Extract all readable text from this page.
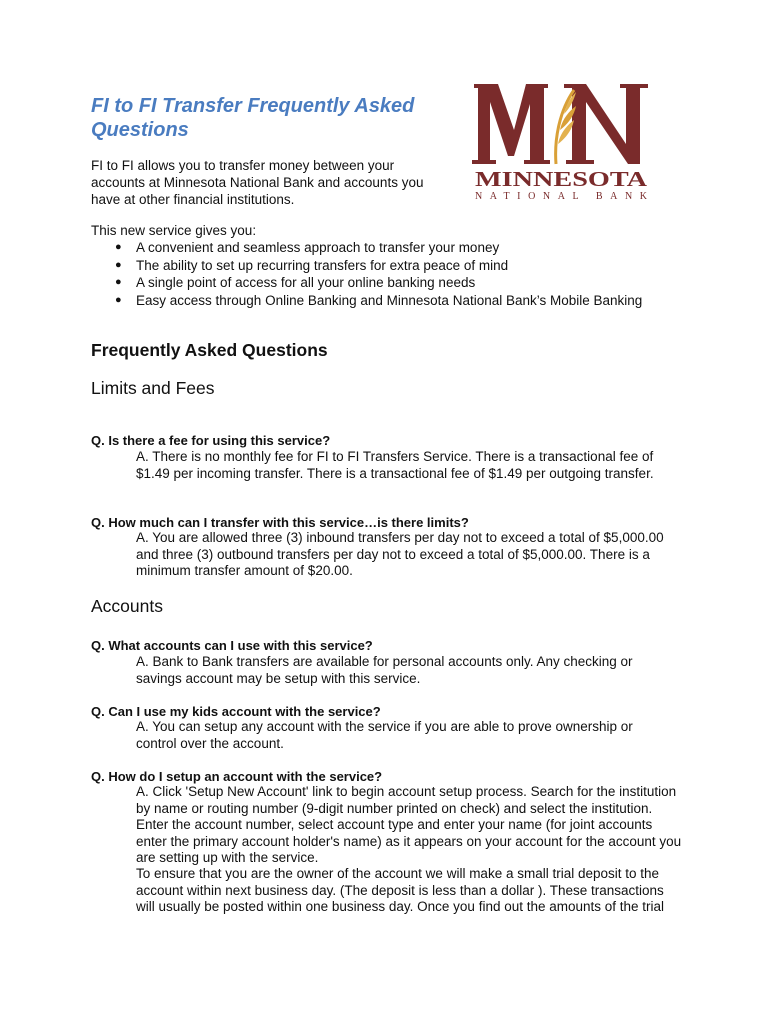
FI to FI Transfer Frequently Asked Questions
MINNESOTA
NATIONAL BANK

FI to FI allows you to transfer money between your accounts at Minnesota National Bank and accounts you have at other financial institutions.

This new service gives you:

● A convenient and seamless approach to transfer your money
● The ability to set up recurring transfers for extra peace of mind
● A single point of access for all your online banking needs
● Easy access through Online Banking and Minnesota National Bank’s Mobile Banking
Frequently Asked Questions
Limits and Fees

Q. Is there a fee for using this service?

A. There is no monthly fee for FI to FI Transfers Service. There is a transactional fee of $1.49 per incoming transfer. There is a transactional fee of $1.49 per outgoing transfer.

Q. How much can I transfer with this service…is there limits?

A. You are allowed three (3) inbound transfers per day not to exceed a total of $5,000.00 and three (3) outbound transfers per day not to exceed a total of $5,000.00. There is a minimum transfer amount of $20.00.

Accounts

Q. What accounts can I use with this service?

A. Bank to Bank transfers are available for personal accounts only. Any checking or savings account may be setup with this service.

Q. Can I use my kids account with the service?

A. You can setup any account with the service if you are able to prove ownership or control over the account.

Q. How do I setup an account with the service?

A. Click 'Setup New Account' link to begin account setup process. Search for the institution by name or routing number (9-digit number printed on check) and select the institution. Enter the account number, select account type and enter your name (for joint accounts enter the primary account holder's name) as it appears on your account for the account you are setting up with the service.

To ensure that you are the owner of the account we will make a small trial deposit to the account within next business day. (The deposit is less than a dollar ). These transactions will usually be posted within one business day. Once you find out the amounts of the trial
